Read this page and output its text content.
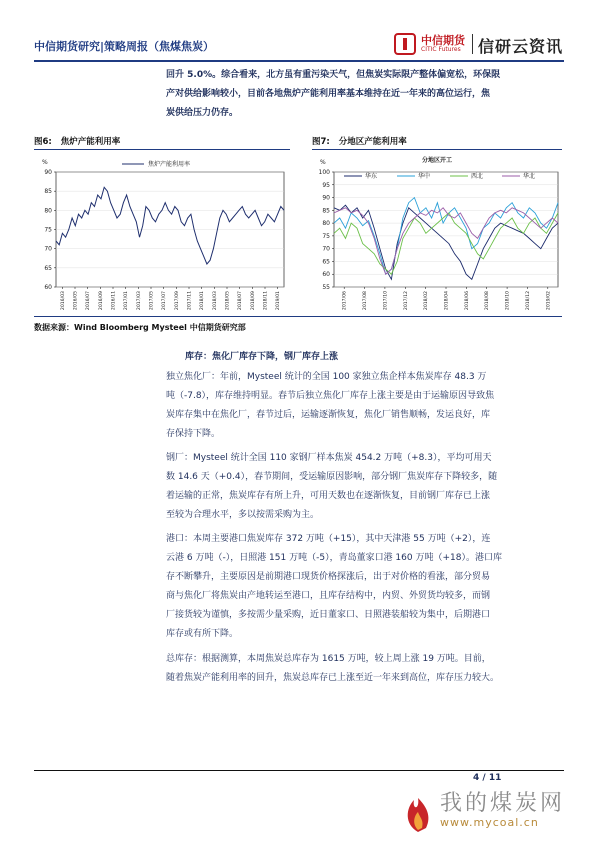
中信期货研究|策略周报（焦煤焦炭）	中信期货
CITIC Futures 信研云资讯

回升 5.0%。综合看来，北方虽有重污染天气，但焦炭实际限产整体偏宽松，环保限

产对供给影响较小，目前各地焦炉产能利用率基本维持在近一年来的高位运行，焦

炭供给压力仍存。

图6: 焦炉产能利用率	图7: 分地区产能利用率
%
60
65
70
75
80
85
90
2016/03 2016/05 2016/07 2016/09 2016/11 2017/01 2017/03 2017/05 2017/07 2017/09 2017/11 2018/01 2018/03 2018/05 2018/07 2018/09 2018/11 2019/01
焦炉产能利用率	%
55
60
65
70
75
80
85
90
95
100
2017/06	2017/08	2017/10	2017/12	2018/02	2018/04	2018/06	2018/08	2018/10	2018/12	2019/02
分地区开工
华东	华中	西北	华北
数据来源：Wind Bloomberg Mysteel 中信期货研究部
库存：焦化厂库存下降，钢厂库存上涨
独立焦化厂：年前，Mysteel 统计的全国 100 家独立焦企样本焦炭库存 48.3 万
吨（-7.8），库存维持明显。春节后独立焦化厂库存上涨主要是由于运输原因导致焦
炭库存集中在焦化厂，春节过后，运输逐渐恢复，焦化厂销售顺畅，发运良好，库
存保持下降。
钢厂：Mysteel 统计全国 110 家钢厂样本焦炭 454.2 万吨（+8.3），平均可用天
数 14.6 天（+0.4），春节期间，受运输原因影响，部分钢厂焦炭库存下降较多，随
着运输的正常，焦炭库存有所上升，可用天数也在逐渐恢复，目前钢厂库存已上涨
至较为合理水平，多以按需采购为主。
港口：本周主要港口焦炭库存 372 万吨（+15），其中天津港 55 万吨（+2），连
云港 6 万吨（-），日照港 151 万吨（-5），青岛董家口港 160 万吨（+18）。港口库
存不断攀升，主要原因是前期港口现货价格探涨后，出于对价格的看涨，部分贸易
商与焦化厂将焦炭由产地转运至港口，且库存结构中，内贸、外贸货均较多，而钢
厂接货较为谨慎，多按需少量采购，近日董家口、日照港装船较为集中，后期港口
库存或有所下降。
总库存：根据测算，本周焦炭总库存为 1615 万吨，较上周上涨 19 万吨。目前，
随着焦炭产能利用率的回升，焦炭总库存已上涨至近一年来到高位，库存压力较大。
4 / 11
我的煤炭网
www.mycoal.cn
